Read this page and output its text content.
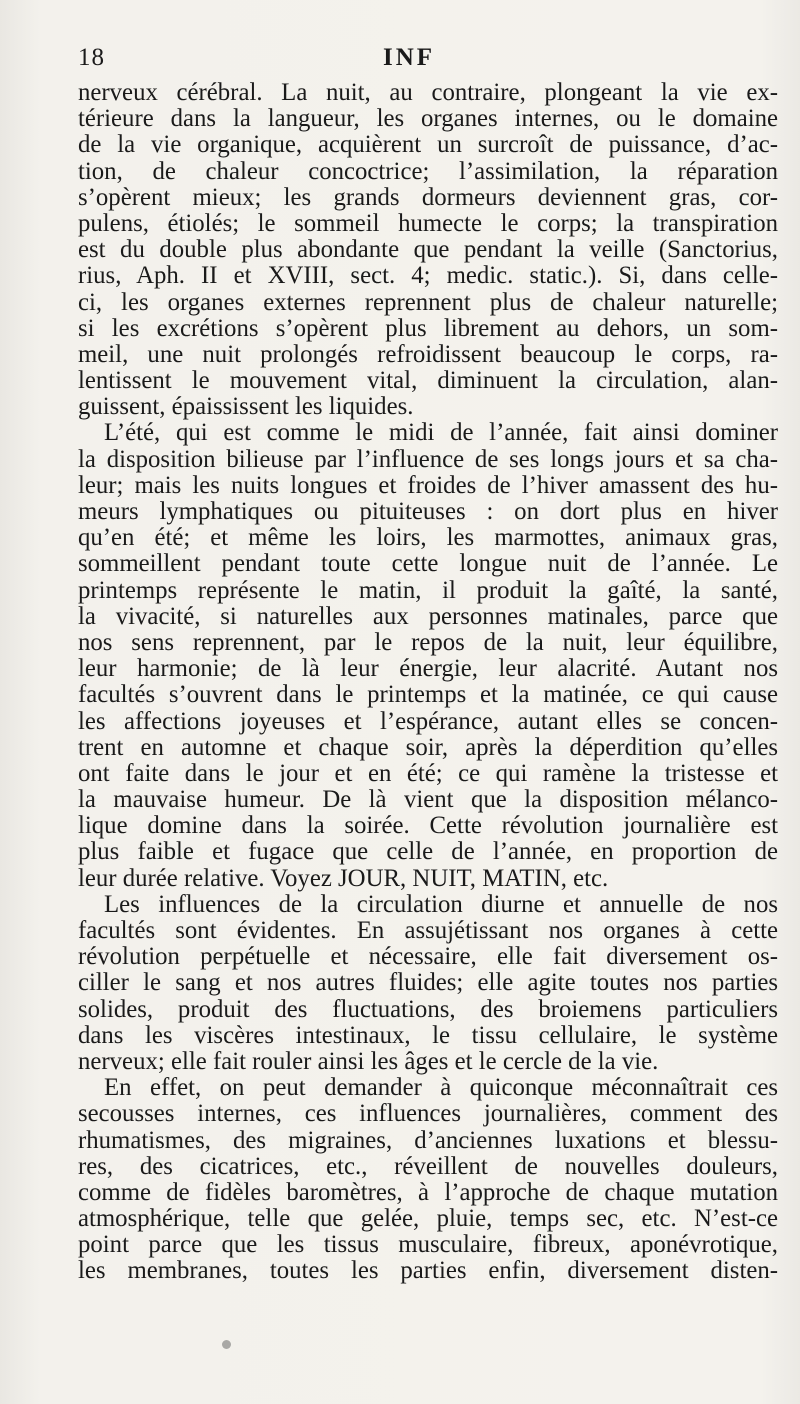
18	INF
nerveux cérébral. La nuit, au contraire, plongeant la vie ex-
térieure dans la langueur, les organes internes, ou le domaine
de la vie organique, acquièrent un surcroît de puissance, d’ac-
tion, de chaleur concoctrice; l’assimilation, la réparation
s’opèrent mieux; les grands dormeurs deviennent gras, cor-
pulens, étiolés; le sommeil humecte le corps; la transpiration
est du double plus abondante que pendant la veille (Sanctorius,
rius, Aph. II et XVIII, sect. 4; medic. static.). Si, dans celle-
ci, les organes externes reprennent plus de chaleur naturelle;
si les excrétions s’opèrent plus librement au dehors, un som-
meil, une nuit prolongés refroidissent beaucoup le corps, ra-
lentissent le mouvement vital, diminuent la circulation, alan-
guissent, épaississent les liquides.
L’été, qui est comme le midi de l’année, fait ainsi dominer
la disposition bilieuse par l’influence de ses longs jours et sa cha-
leur; mais les nuits longues et froides de l’hiver amassent des hu-
meurs lymphatiques ou pituiteuses : on dort plus en hiver
qu’en été; et même les loirs, les marmottes, animaux gras,
sommeillent pendant toute cette longue nuit de l’année. Le
printemps représente le matin, il produit la gaîté, la santé,
la vivacité, si naturelles aux personnes matinales, parce que
nos sens reprennent, par le repos de la nuit, leur équilibre,
leur harmonie; de là leur énergie, leur alacrité. Autant nos
facultés s’ouvrent dans le printemps et la matinée, ce qui cause
les affections joyeuses et l’espérance, autant elles se concen-
trent en automne et chaque soir, après la déperdition qu’elles
ont faite dans le jour et en été; ce qui ramène la tristesse et
la mauvaise humeur. De là vient que la disposition mélanco-
lique domine dans la soirée. Cette révolution journalière est
plus faible et fugace que celle de l’année, en proportion de
leur durée relative. Voyez JOUR, NUIT, MATIN, etc.
Les influences de la circulation diurne et annuelle de nos
facultés sont évidentes. En assujétissant nos organes à cette
révolution perpétuelle et nécessaire, elle fait diversement os-
ciller le sang et nos autres fluides; elle agite toutes nos parties
solides, produit des fluctuations, des broiemens particuliers
dans les viscères intestinaux, le tissu cellulaire, le système
nerveux; elle fait rouler ainsi les âges et le cercle de la vie.
En effet, on peut demander à quiconque méconnaîtrait ces
secousses internes, ces influences journalières, comment des
rhumatismes, des migraines, d’anciennes luxations et blessu-
res, des cicatrices, etc., réveillent de nouvelles douleurs,
comme de fidèles baromètres, à l’approche de chaque mutation
atmosphérique, telle que gelée, pluie, temps sec, etc. N’est-ce
point parce que les tissus musculaire, fibreux, aponévrotique,
les membranes, toutes les parties enfin, diversement disten-
